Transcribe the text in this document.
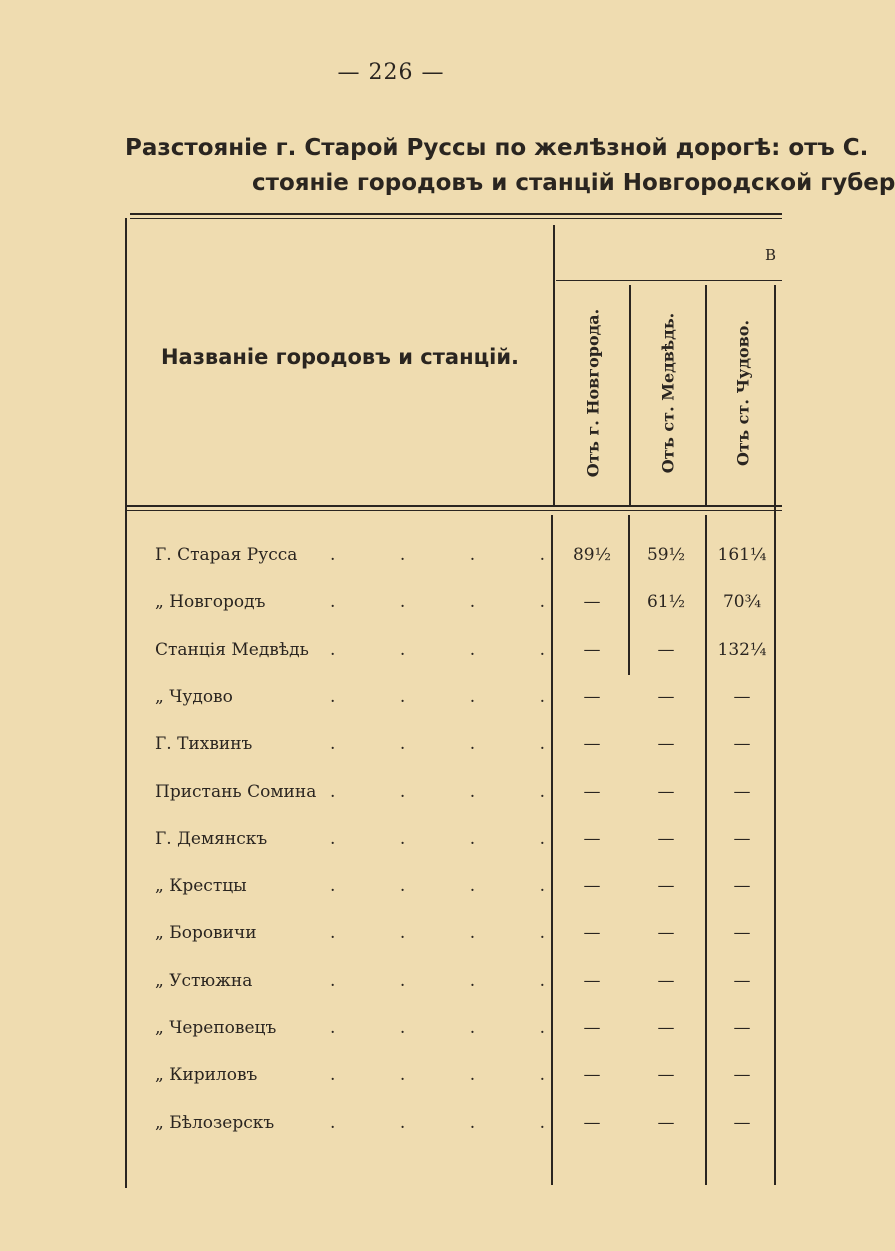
— 226 —
Разстояніе г. Старой Руссы по желѣзной дорогѣ: отъ С.
стояніе городовъ и станцій Новгородской губер
Названіе городовъ и станцій.
В
Отъ г. Новгорода.	Отъ ст. Медвѣдь.	Отъ ст. Чудово.
Г. Старая Русса .	.	.	.	89½	59½	161¼
„ Новгородъ	.	.	.	.	—	61½	70¾
Станція Медвѣдь .	.	.	.	—	—	132¼
„ Чудово	.	.	.	.	—	—	—
Г. Тихвинъ	.	.	.	.	—	—	—
Пристань Сомина .	.	.	.	—	—	—
Г. Демянскъ	.	.	.	.	—	—	—
„ Крестцы	.	.	.	.	—	—	—
„ Боровичи	.	.	.	.	—	—	—
„ Устюжна	.	.	.	.	—	—	—
„ Череповецъ	.	.	.	.	—	—	—
„ Кириловъ	.	.	.	.	—	—	—
„ Бѣлозерскъ	.	.	.	.	—	—	—
